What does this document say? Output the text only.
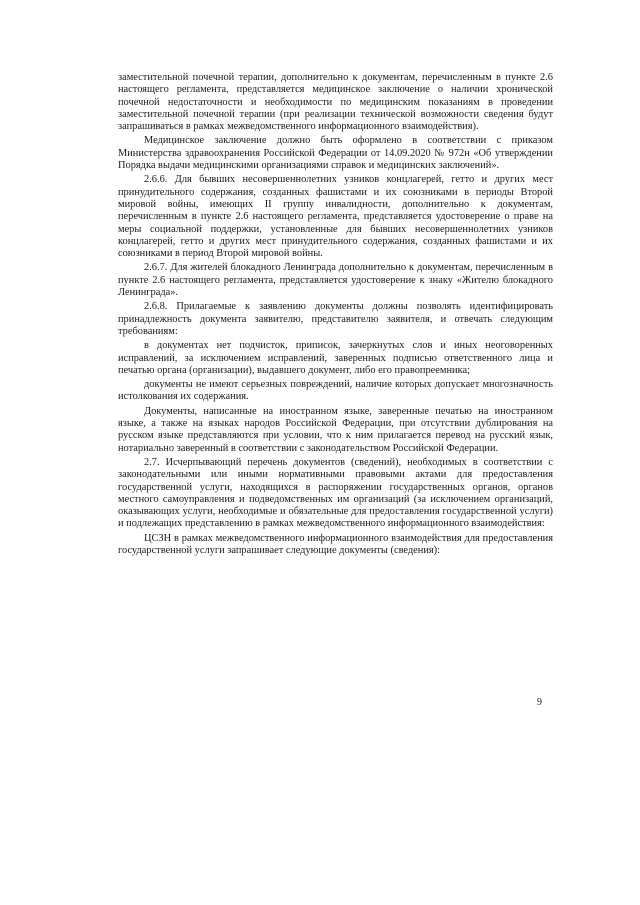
заместительной почечной терапии, дополнительно к документам, перечисленным в пункте 2.6 настоящего регламента, представляется медицинское заключение о наличии хронической почечной недостаточности и необходимости по медицинским показаниям в проведении заместительной почечной терапии (при реализации технической возможности сведения будут запрашиваться в рамках межведомственного информационного взаимодействия).

Медицинское заключение должно быть оформлено в соответствии с приказом Министерства здравоохранения Российской Федерации от 14.09.2020 № 972н «Об утверждении Порядка выдачи медицинскими организациями справок и медицинских заключений».

2.6.6. Для бывших несовершеннолетних узников концлагерей, гетто и других мест принудительного содержания, созданных фашистами и их союзниками в периоды Второй мировой войны, имеющих II группу инвалидности, дополнительно к документам, перечисленным в пункте 2.6 настоящего регламента, представляется удостоверение о праве на меры социальной поддержки, установленные для бывших несовершеннолетних узников концлагерей, гетто и других мест принудительного содержания, созданных фашистами и их союзниками в период Второй мировой войны.

2.6.7. Для жителей блокадного Ленинграда дополнительно к документам, перечисленным в пункте 2.6 настоящего регламента, представляется удостоверение к знаку «Жителю блокадного Ленинграда».

2.6.8. Прилагаемые к заявлению документы должны позволять идентифицировать принадлежность документа заявителю, представителю заявителя, и отвечать следующим требованиям:

в документах нет подчисток, приписок, зачеркнутых слов и иных неоговоренных исправлений, за исключением исправлений, заверенных подписью ответственного лица и печатью органа (организации), выдавшего документ, либо его правопреемника;

документы не имеют серьезных повреждений, наличие которых допускает многозначность истолкования их содержания.

Документы, написанные на иностранном языке, заверенные печатью на иностранном языке, а также на языках народов Российской Федерации, при отсутствии дублирования на русском языке представляются при условии, что к ним прилагается перевод на русский язык, нотариально заверенный в соответствии с законодательством Российской Федерации.

2.7. Исчерпывающий перечень документов (сведений), необходимых в соответствии с законодательными или иными нормативными правовыми актами для предоставления государственной услуги, находящихся в распоряжении государственных органов, органов местного самоуправления и подведомственных им организаций (за исключением организаций, оказывающих услуги, необходимые и обязательные для предоставления государственной услуги) и подлежащих представлению в рамках межведомственного информационного взаимодействия:

ЦСЗН в рамках межведомственного информационного взаимодействия для предоставления государственной услуги запрашивает следующие документы (сведения):

9
